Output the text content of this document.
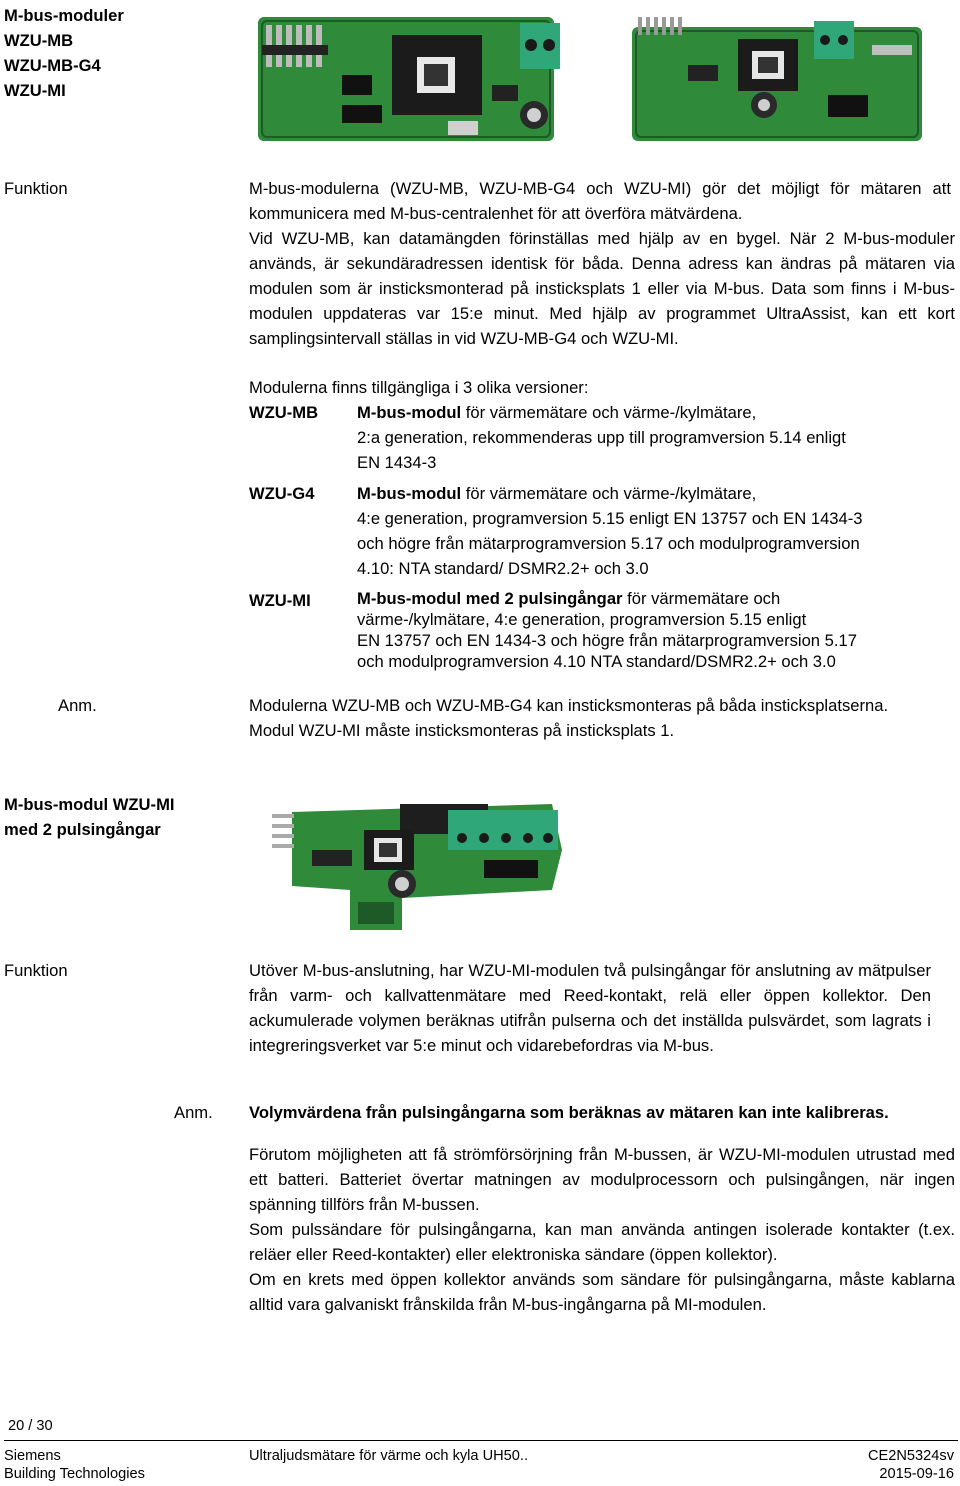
M-bus-moduler
WZU-MB
WZU-MB-G4
WZU-MI
Funktion	M-bus-modulerna (WZU-MB, WZU-MB-G4 och WZU-MI) gör det möjligt för mätaren att kommunicera med M-bus-centralenhet för att överföra mätvärdena.
Vid WZU-MB, kan datamängden förinställas med hjälp av en bygel. När 2 M-bus-moduler används, är sekundäradressen identisk för båda. Denna adress kan ändras på mätaren via modulen som är insticksmonterad på insticksplats 1 eller via M-bus. Data som finns i M-bus-modulen uppdateras var 15:e minut. Med hjälp av programmet UltraAssist, kan ett kort samplingsintervall ställas in vid WZU-MB-G4 och WZU-MI.
Modulerna finns tillgängliga i 3 olika versioner:
WZU-MB M-bus-modul för värmemätare och värme-/kylmätare,
2:a generation, rekommenderas upp till programversion 5.14 enligt
EN 1434-3
WZU-G4	M-bus-modul för värmemätare och värme-/kylmätare,
4:e generation, programversion 5.15 enligt EN 13757 och EN 1434-3
och högre från mätarprogramversion 5.17 och modulprogramversion
4.10: NTA standard/ DSMR2.2+ och 3.0
WZU-MI	M-bus-modul med 2 pulsingångar för värmemätare och
värme-/kylmätare, 4:e generation, programversion 5.15 enligt
EN 13757 och EN 1434-3 och högre från mätarprogramversion 5.17
och modulprogramversion 4.10 NTA standard/DSMR2.2+ och 3.0
Anm.	Modulerna WZU-MB och WZU-MB-G4 kan insticksmonteras på båda insticksplatserna.
Modul WZU-MI måste insticksmonteras på insticksplats 1.
M-bus-modul WZU-MI
med 2 pulsingångar
Funktion	Utöver M-bus-anslutning, har WZU-MI-modulen två pulsingångar för anslutning av mätpulser från varm- och kallvattenmätare med Reed-kontakt, relä eller öppen kollektor. Den ackumulerade volymen beräknas utifrån pulserna och det inställda pulsvärdet, som lagrats i integreringsverket var 5:e minut och vidarebefordras via M-bus.
Anm. Volymvärdena från pulsingångarna som beräknas av mätaren kan inte kalibreras.
Förutom möjligheten att få strömförsörjning från M-bussen, är WZU-MI-modulen utrustad med ett batteri. Batteriet övertar matningen av modulprocessorn och pulsingången, när ingen spänning tillförs från M-bussen.
Som pulssändare för pulsingångarna, kan man använda antingen isolerade kontakter (t.ex. reläer eller Reed-kontakter) eller elektroniska sändare (öppen kollektor).
Om en krets med öppen kollektor används som sändare för pulsingångarna, måste kablarna alltid vara galvaniskt frånskilda från M-bus-ingångarna på MI-modulen.
20 / 30
Siemens
Building Technologies
Ultraljudsmätare för värme och kyla UH50..	CE2N5324sv
2015-09-16
